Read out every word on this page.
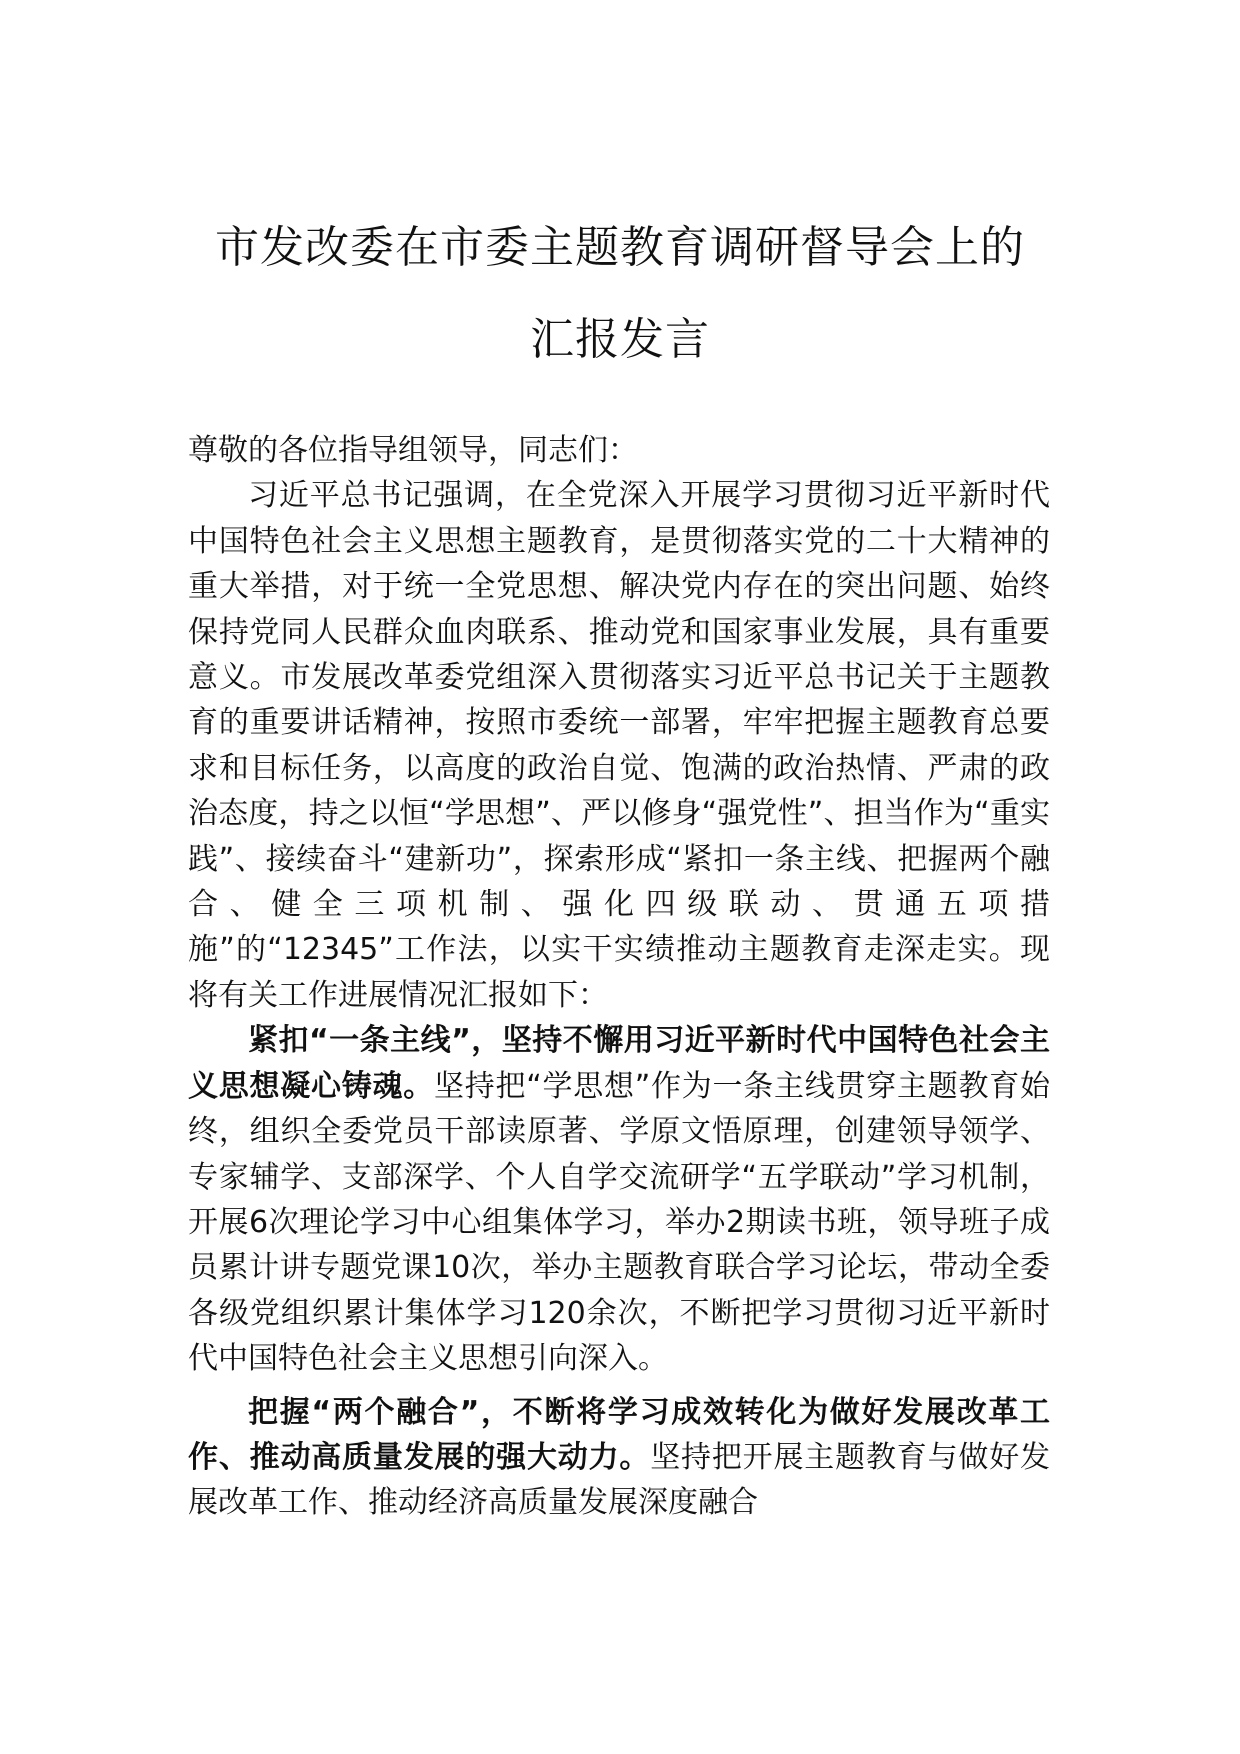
市发改委在市委主题教育调研督导会上的
汇报发言

尊敬的各位指导组领导，同志们：

习近平总书记强调，在全党深入开展学习贯彻习近平新时代中国特色社会主义思想主题教育，是贯彻落实党的二十大精神的重大举措，对于统一全党思想、解决党内存在的突出问题、始终保持党同人民群众血肉联系、推动党和国家事业发展，具有重要意义。市发展改革委党组深入贯彻落实习近平总书记关于主题教育的重要讲话精神，按照市委统一部署，牢牢把握主题教育总要求和目标任务，以高度的政治自觉、饱满的政治热情、严肃的政治态度，持之以恒“学思想”、严以修身“强党性”、担当作为“重实践”、接续奋斗“建新功”，探索形成“紧扣一条主线、把握两个融合、健全三项机制、强化四级联动、贯通五项措施”的“12345”工作法，以实干实绩推动主题教育走深走实。现将有关工作进展情况汇报如下：

紧扣“一条主线”，坚持不懈用习近平新时代中国特色社会主义思想凝心铸魂。坚持把“学思想”作为一条主线贯穿主题教育始终，组织全委党员干部读原著、学原文悟原理，创建领导领学、专家辅学、支部深学、个人自学交流研学“五学联动”学习机制，开展6次理论学习中心组集体学习，举办2期读书班，领导班子成员累计讲专题党课10次，举办主题教育联合学习论坛，带动全委各级党组织累计集体学习120余次，不断把学习贯彻习近平新时代中国特色社会主义思想引向深入。

把握“两个融合”，不断将学习成效转化为做好发展改革工作、推动高质量发展的强大动力。坚持把开展主题教育与做好发展改革工作、推动经济高质量发展深度融合
